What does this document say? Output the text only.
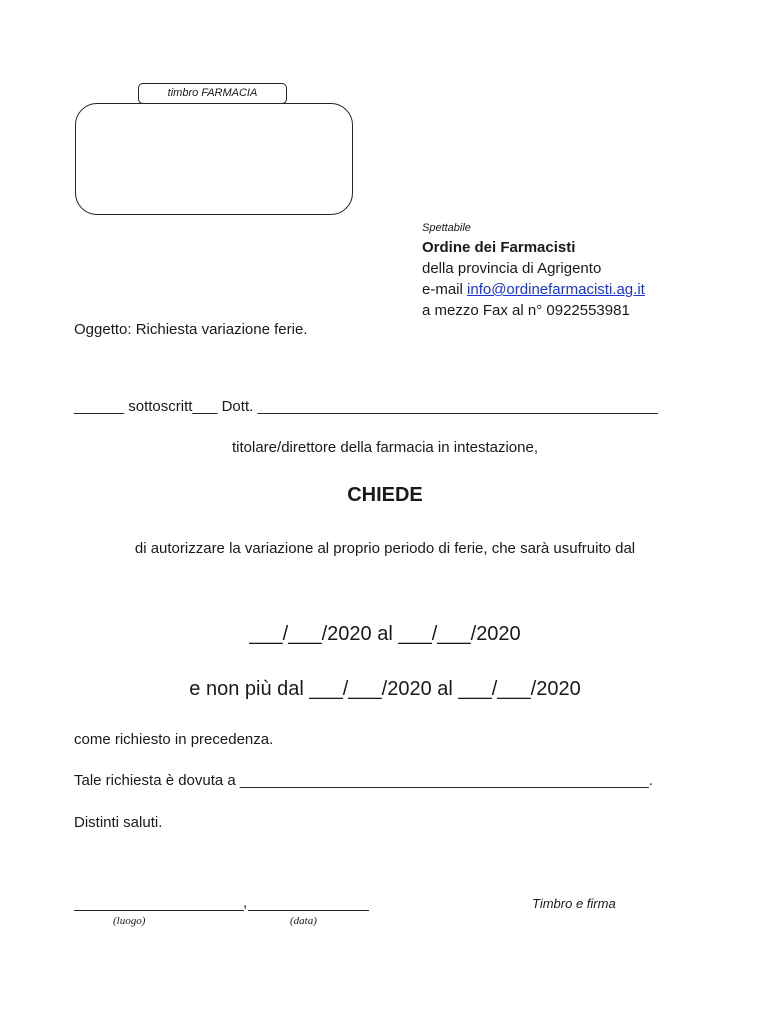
timbro FARMACIA
Spettabile
Ordine dei Farmacisti
della provincia di Agrigento
e-mail info@ordinefarmacisti.ag.it
a mezzo Fax al n° 0922553981
Oggetto: Richiesta variazione ferie.
______ sottoscritt___ Dott. ________________________________________________
titolare/direttore della farmacia in intestazione,
CHIEDE
di autorizzare la variazione al proprio periodo di ferie, che sarà usufruito dal
___/___/2020 al ___/___/2020
e non più dal ___/___/2020 al ___/___/2020
come richiesto in precedenza.
Tale richiesta è dovuta a _________________________________________________.
Distinti saluti.
,
(luogo)	(data)
Timbro e firma
